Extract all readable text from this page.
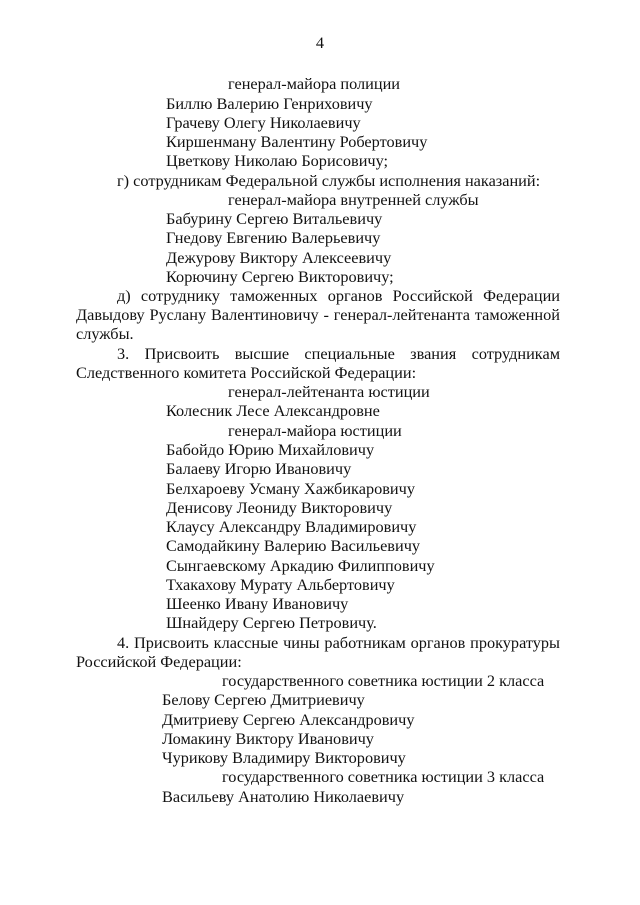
4
генерал-майора полиции
Биллю Валерию Генриховичу
Грачеву Олегу Николаевичу
Киршенману Валентину Робертовичу
Цветкову Николаю Борисовичу;
г) сотрудникам Федеральной службы исполнения наказаний:
генерал-майора внутренней службы
Бабурину Сергею Витальевичу
Гнедову Евгению Валерьевичу
Дежурову Виктору Алексеевичу
Корючину Сергею Викторовичу;
д) сотруднику таможенных органов Российской Федерации
Давыдову Руслану Валентиновичу - генерал-лейтенанта таможенной
службы.
3. Присвоить высшие специальные звания сотрудникам
Следственного комитета Российской Федерации:
генерал-лейтенанта юстиции
Колесник Лесе Александровне
генерал-майора юстиции
Бабойдо Юрию Михайловичу
Балаеву Игорю Ивановичу
Белхароеву Усману Хажбикаровичу
Денисову Леониду Викторовичу
Клаусу Александру Владимировичу
Самодайкину Валерию Васильевичу
Сынгаевскому Аркадию Филипповичу
Тхакахову Мурату Альбертовичу
Шеенко Ивану Ивановичу
Шнайдеру Сергею Петровичу.
4. Присвоить классные чины работникам органов прокуратуры
Российской Федерации:
государственного советника юстиции 2 класса
Белову Сергею Дмитриевичу
Дмитриеву Сергею Александровичу
Ломакину Виктору Ивановичу
Чурикову Владимиру Викторовичу
государственного советника юстиции 3 класса
Васильеву Анатолию Николаевичу
